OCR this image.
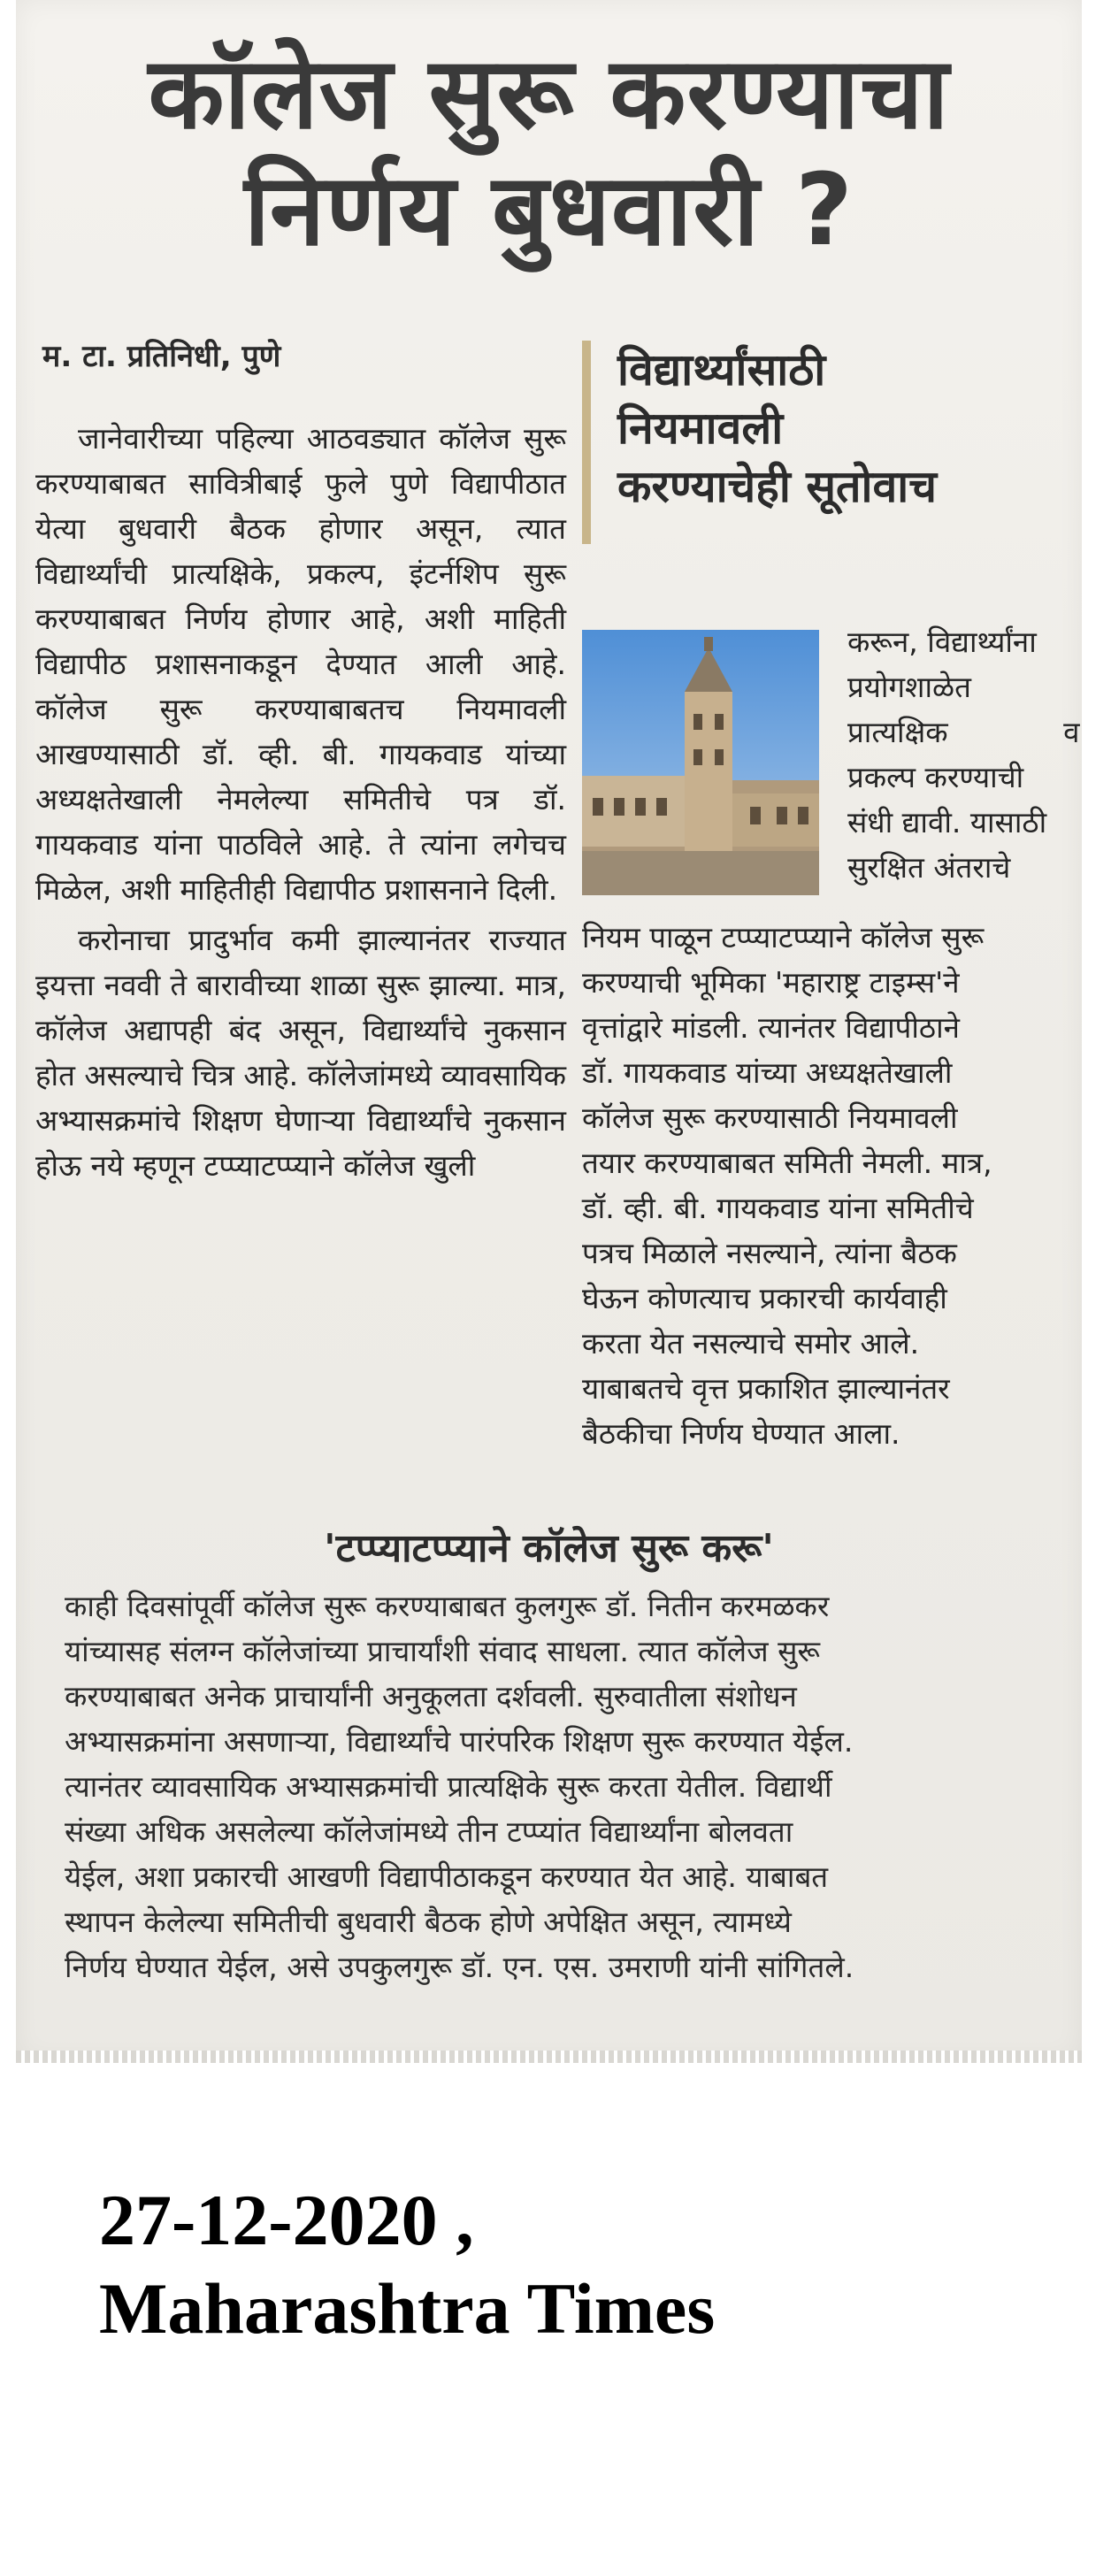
कॉलेज सुरू करण्याचा
निर्णय बुधवारी ?
म. टा. प्रतिनिधी, पुणे

जानेवारीच्या पहिल्या आठवड्यात कॉलेज सुरू करण्याबाबत सावित्रीबाई फुले पुणे विद्यापीठात येत्या बुधवारी बैठक होणार असून, त्यात विद्यार्थ्यांची प्रात्यक्षिके, प्रकल्प, इंटर्नशिप सुरू करण्याबाबत निर्णय होणार आहे, अशी माहिती विद्यापीठ प्रशासनाकडून देण्यात आली आहे. कॉलेज सुरू करण्याबाबतच नियमावली आखण्यासाठी डॉ. व्ही. बी. गायकवाड यांच्या अध्यक्षतेखाली नेमलेल्या समितीचे पत्र डॉ. गायकवाड यांना पाठविले आहे. ते त्यांना लगेचच मिळेल, अशी माहितीही विद्यापीठ प्रशासनाने दिली.

करोनाचा प्रादुर्भाव कमी झाल्यानंतर राज्यात इयत्ता नववी ते बारावीच्या शाळा सुरू झाल्या. मात्र, कॉलेज अद्यापही बंद असून, विद्यार्थ्यांचे नुकसान होत असल्याचे चित्र आहे. कॉलेजांमध्ये व्यावसायिक अभ्यासक्रमांचे शिक्षण घेणाऱ्या विद्यार्थ्यांचे नुकसान होऊ नये म्हणून टप्प्याटप्प्याने कॉलेज खुली

विद्यार्थ्यांसाठी
नियमावली
करण्याचेही सूतोवाच
करून, विद्यार्थ्यांना
प्रयोगशाळेत
प्रात्यक्षिक व
प्रकल्प करण्याची
संधी द्यावी. यासाठी
सुरक्षित अंतराचे
नियम पाळून टप्प्याटप्प्याने कॉलेज सुरू
करण्याची भूमिका 'महाराष्ट्र टाइम्स'ने
वृत्तांद्वारे मांडली. त्यानंतर विद्यापीठाने
डॉ. गायकवाड यांच्या अध्यक्षतेखाली
कॉलेज सुरू करण्यासाठी नियमावली
तयार करण्याबाबत समिती नेमली. मात्र,
डॉ. व्ही. बी. गायकवाड यांना समितीचे
पत्रच मिळाले नसल्याने, त्यांना बैठक
घेऊन कोणत्याच प्रकारची कार्यवाही
करता येत नसल्याचे समोर आले.
याबाबतचे वृत्त प्रकाशित झाल्यानंतर
बैठकीचा निर्णय घेण्यात आला.
'टप्प्याटप्प्याने कॉलेज सुरू करू'
काही दिवसांपूर्वी कॉलेज सुरू करण्याबाबत कुलगुरू डॉ. नितीन करमळकर
यांच्यासह संलग्न कॉलेजांच्या प्राचार्यांशी संवाद साधला. त्यात कॉलेज सुरू
करण्याबाबत अनेक प्राचार्यांनी अनुकूलता दर्शवली. सुरुवातीला संशोधन
अभ्यासक्रमांना असणाऱ्या, विद्यार्थ्यांचे पारंपरिक शिक्षण सुरू करण्यात येईल.
त्यानंतर व्यावसायिक अभ्यासक्रमांची प्रात्यक्षिके सुरू करता येतील. विद्यार्थी
संख्या अधिक असलेल्या कॉलेजांमध्ये तीन टप्प्यांत विद्यार्थ्यांना बोलवता
येईल, अशा प्रकारची आखणी विद्यापीठाकडून करण्यात येत आहे. याबाबत
स्थापन केलेल्या समितीची बुधवारी बैठक होणे अपेक्षित असून, त्यामध्ये
निर्णय घेण्यात येईल, असे उपकुलगुरू डॉ. एन. एस. उमराणी यांनी सांगितले.
27-12-2020 ,
Maharashtra Times
